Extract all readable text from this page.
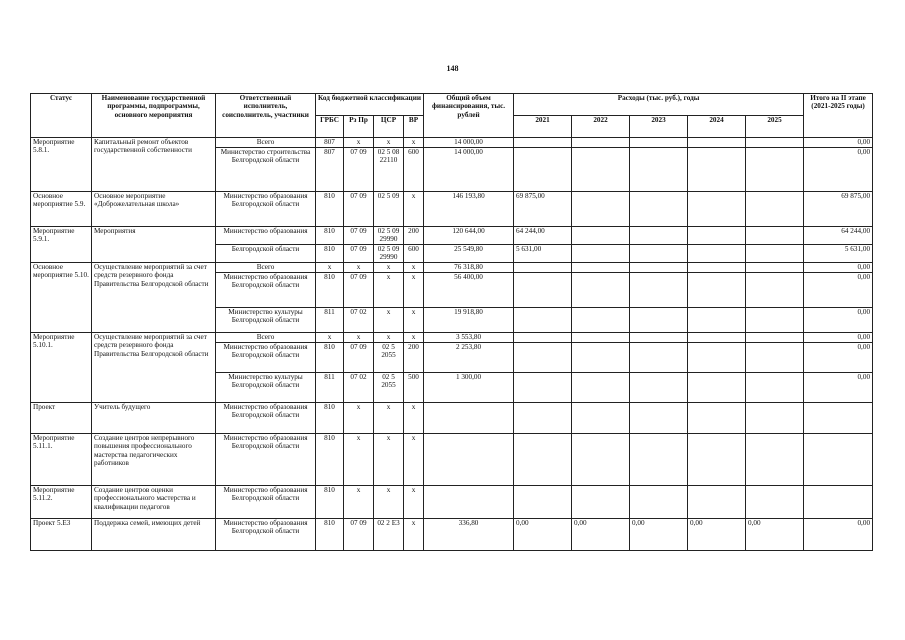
148
Статус	Наименование государственной программы, подпрограммы, основного мероприятия	Ответственный исполнитель, соисполнитель, участники	Код бюджетной классификации				Общий объем финансирования, тыс. рублей	Расходы (тыс. руб.), годы					Итого на II этапе (2021-2025 годы)
			ГРБС	Рз Пр	ЦСР	ВР		2021	2022	2023	2024	2025	
Мероприятие 5.8.1.	Капитальный ремонт объектов государственной собственности	Всего	807	х	х	х	14 000,00						0,00
		Министерство строительства Белгородской области	807	07 09	02 5 08 22110	600	14 000,00						0,00
Основное мероприятие 5.9.	Основное мероприятие «Доброжелательная школа»	Министерство образования Белгородской области	810	07 09	02 5 09	х	146 193,80	69 875,00					69 875,00
Мероприятие 5.9.1.	Мероприятия	Министерство образования	810	07 09	02 5 09 29990	200	120 644,00	64 244,00					64 244,00
		Белгородской области	810	07 09	02 5 09 29990	600	25 549,80	5 631,00					5 631,00
Основное мероприятие 5.10.	Осуществление мероприятий за счет средств резервного фонда Правительства Белгородской области	Всего	х	х	х	х	76 318,80						0,00
		Министерство образования Белгородской области	810	07 09	х	х	56 400,00						0,00
		Министерство культуры Белгородской области	811	07 02	х	х	19 918,80						0,00
Мероприятие 5.10.1.	Осуществление мероприятий за счет средств резервного фонда Правительства Белгородской области	Всего	х	х	х	х	3 553,80						0,00
		Министерство образования Белгородской области	810	07 09	02 5 2055	200	2 253,80						0,00
		Министерство культуры Белгородской области	811	07 02	02 5 2055	500	1 300,00						0,00
Проект	Учитель будущего	Министерство образования Белгородской области	810	х	х	х							
Мероприятие 5.11.1.	Создание центров непрерывного повышения профессионального мастерства педагогических работников	Министерство образования Белгородской области	810	х	х	х							
Мероприятие 5.11.2.	Создание центров оценки профессионального мастерства и квалификации педагогов	Министерство образования Белгородской области	810	х	х	х							
Проект 5.Е3	Поддержка семей, имеющих детей	Министерство образования Белгородской области	810	07 09	02 2 Е3	х	336,80	0,00	0,00	0,00	0,00	0,00	0,00
